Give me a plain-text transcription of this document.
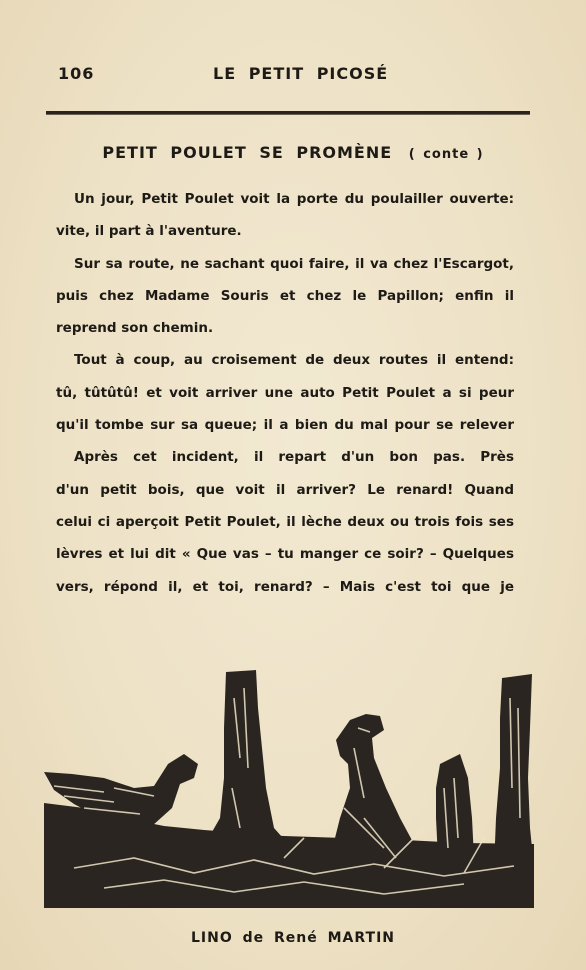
106	LE PETIT PICOSÉ
PETIT POULET SE PROMÈNE ( conte )
Un jour, Petit Poulet voit la porte du poulailler ouverte:
vite, il part à l'aventure.
Sur sa route, ne sachant quoi faire, il va chez l'Escargot,
puis chez Madame Souris et chez le Papillon; enfin il
reprend son chemin.
Tout à coup, au croisement de deux routes il entend:
tû, tûtûtû! et voit arriver une auto Petit Poulet a si peur
qu'il tombe sur sa queue; il a bien du mal pour se relever
Après cet incident, il repart d'un bon pas. Près
d'un petit bois, que voit il arriver? Le renard! Quand
celui ci aperçoit Petit Poulet, il lèche deux ou trois fois ses
lèvres et lui dit « Que vas – tu manger ce soir? – Quelques
vers, répond il, et toi, renard? – Mais c'est toi que je
LINO de René MARTIN
